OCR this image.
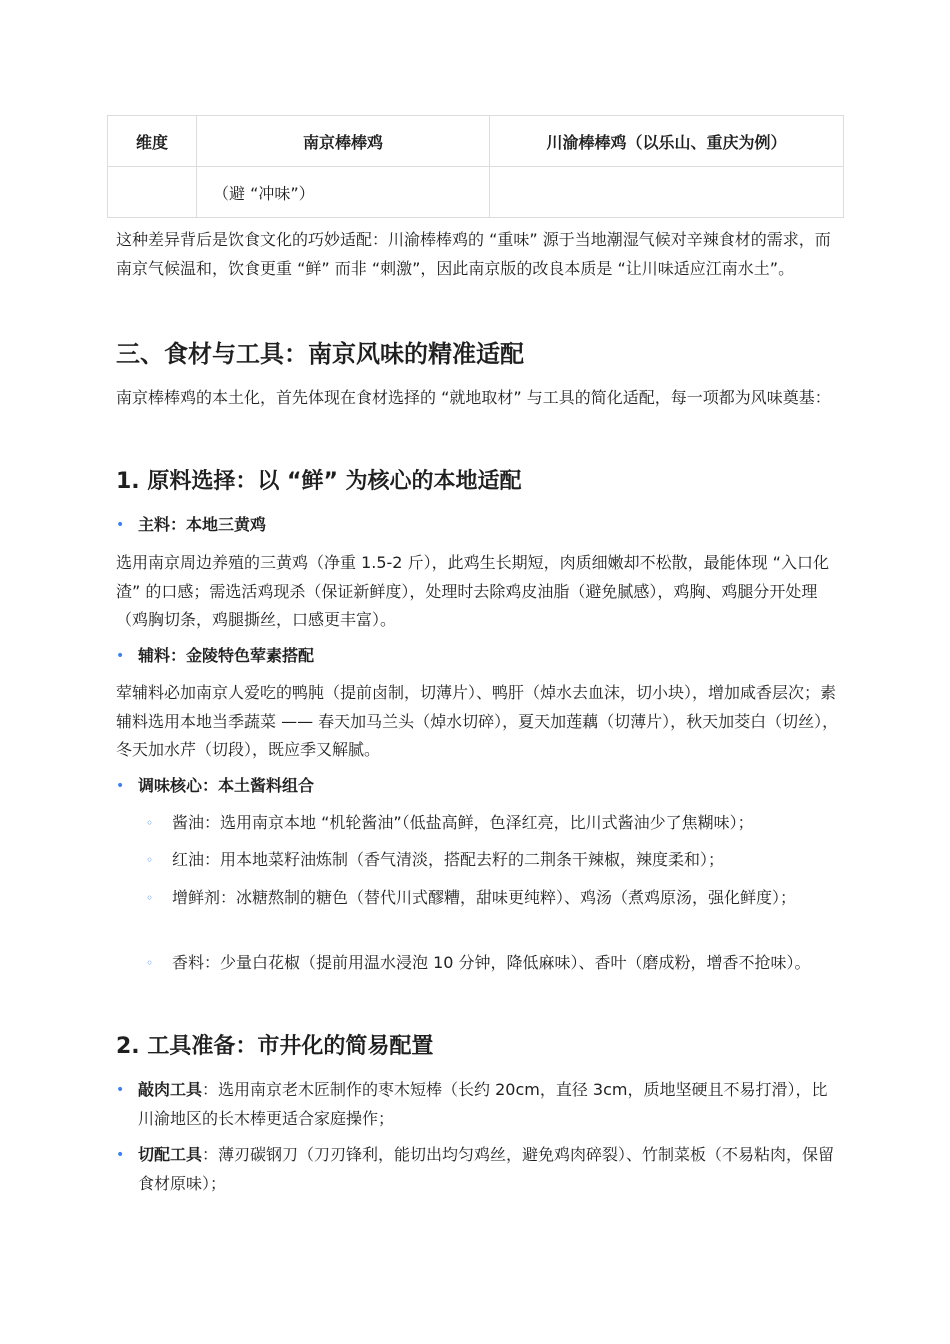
维度	南京棒棒鸡	川渝棒棒鸡（以乐山、重庆为例）
	（避 “冲味”）	

这种差异背后是饮食文化的巧妙适配：川渝棒棒鸡的 “重味” 源于当地潮湿气候对辛辣食材的需求，而南京气候温和，饮食更重 “鲜” 而非 “刺激”，因此南京版的改良本质是 “让川味适应江南水土”。

三、食材与工具：南京风味的精准适配

南京棒棒鸡的本土化，首先体现在食材选择的 “就地取材” 与工具的简化适配，每一项都为风味奠基：

1. 原料选择：以 “鲜” 为核心的本地适配
• 主料：本地三黄鸡

选用南京周边养殖的三黄鸡（净重 1.5-2 斤），此鸡生长期短，肉质细嫩却不松散，最能体现 “入口化渣” 的口感；需选活鸡现杀（保证新鲜度），处理时去除鸡皮油脂（避免腻感），鸡胸、鸡腿分开处理（鸡胸切条，鸡腿撕丝，口感更丰富）。

• 辅料：金陵特色荤素搭配

荤辅料必加南京人爱吃的鸭肫（提前卤制，切薄片）、鸭肝（焯水去血沫，切小块），增加咸香层次；素辅料选用本地当季蔬菜 —— 春天加马兰头（焯水切碎），夏天加莲藕（切薄片），秋天加茭白（切丝），冬天加水芹（切段），既应季又解腻。

• 调味核心：本土酱料组合
◦ 酱油：选用南京本地 “机轮酱油”（低盐高鲜，色泽红亮，比川式酱油少了焦糊味）；
◦ 红油：用本地菜籽油炼制（香气清淡，搭配去籽的二荆条干辣椒，辣度柔和）；
◦ 增鲜剂：冰糖熬制的糖色（替代川式醪糟，甜味更纯粹）、鸡汤（煮鸡原汤，强化鲜度）；
◦ 香料：少量白花椒（提前用温水浸泡 10 分钟，降低麻味）、香叶（磨成粉，增香不抢味）。
2. 工具准备：市井化的简易配置
• 敲肉工具：选用南京老木匠制作的枣木短棒（长约 20cm，直径 3cm，质地坚硬且不易打滑），比川渝地区的长木棒更适合家庭操作；
• 切配工具：薄刃碳钢刀（刀刃锋利，能切出均匀鸡丝，避免鸡肉碎裂）、竹制菜板（不易粘肉，保留食材原味）；
